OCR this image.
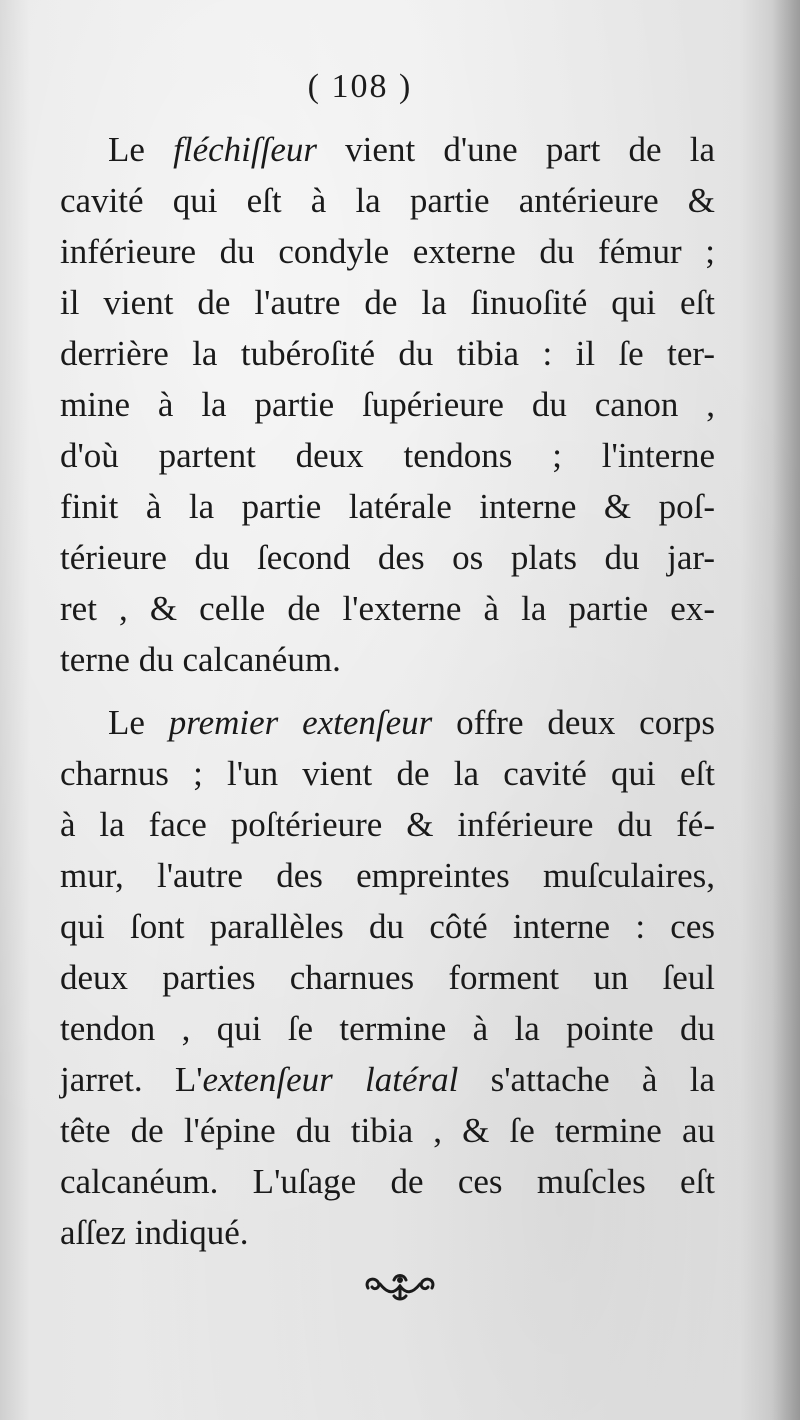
( 108 )
Le fléchiſſeur vient d'une part de la
cavité qui eſt à la partie antérieure &
inférieure du condyle externe du fémur ;
il vient de l'autre de la ſinuoſité qui eſt
derrière la tubéroſité du tibia : il ſe ter-
mine à la partie ſupérieure du canon ,
d'où partent deux tendons ; l'interne
finit à la partie latérale interne & poſ-
térieure du ſecond des os plats du jar-
ret , & celle de l'externe à la partie ex-
terne du calcanéum.
Le premier extenſeur offre deux corps
charnus ; l'un vient de la cavité qui eſt
à la face poſtérieure & inférieure du fé-
mur, l'autre des empreintes muſculaires,
qui ſont parallèles du côté interne : ces
deux parties charnues forment un ſeul
tendon , qui ſe termine à la pointe du
jarret. L'extenſeur latéral s'attache à la
tête de l'épine du tibia , & ſe termine au
calcanéum. L'uſage de ces muſcles eſt
aſſez indiqué.
